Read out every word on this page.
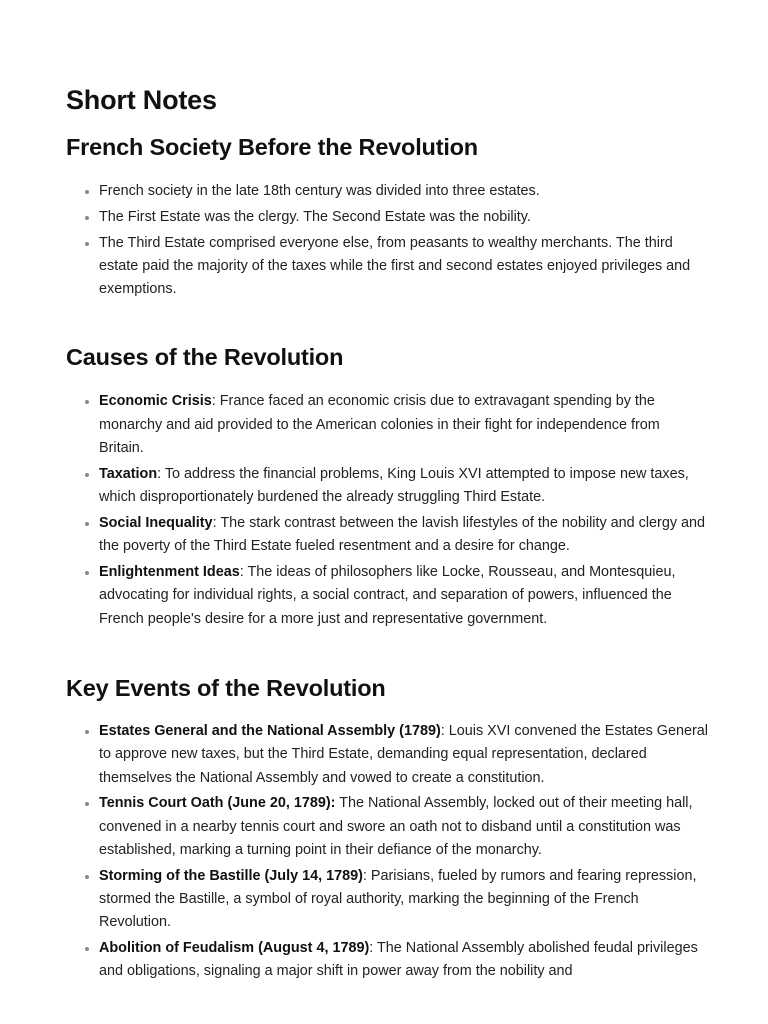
Short Notes
French Society Before the Revolution
• French society in the late 18th century was divided into three estates.
• The First Estate was the clergy. The Second Estate was the nobility.
• The Third Estate comprised everyone else, from peasants to wealthy merchants. The third estate paid the majority of the taxes while the first and second estates enjoyed privileges and exemptions.
Causes of the Revolution
• Economic Crisis: France faced an economic crisis due to extravagant spending by the monarchy and aid provided to the American colonies in their fight for independence from Britain.
• Taxation: To address the financial problems, King Louis XVI attempted to impose new taxes, which disproportionately burdened the already struggling Third Estate.
• Social Inequality: The stark contrast between the lavish lifestyles of the nobility and clergy and the poverty of the Third Estate fueled resentment and a desire for change.
• Enlightenment Ideas: The ideas of philosophers like Locke, Rousseau, and Montesquieu, advocating for individual rights, a social contract, and separation of powers, influenced the French people's desire for a more just and representative government.
Key Events of the Revolution
• Estates General and the National Assembly (1789): Louis XVI convened the Estates General to approve new taxes, but the Third Estate, demanding equal representation, declared themselves the National Assembly and vowed to create a constitution.
• Tennis Court Oath (June 20, 1789): The National Assembly, locked out of their meeting hall, convened in a nearby tennis court and swore an oath not to disband until a constitution was established, marking a turning point in their defiance of the monarchy.
• Storming of the Bastille (July 14, 1789): Parisians, fueled by rumors and fearing repression, stormed the Bastille, a symbol of royal authority, marking the beginning of the French Revolution.
• Abolition of Feudalism (August 4, 1789): The National Assembly abolished feudal privileges and obligations, signaling a major shift in power away from the nobility and
